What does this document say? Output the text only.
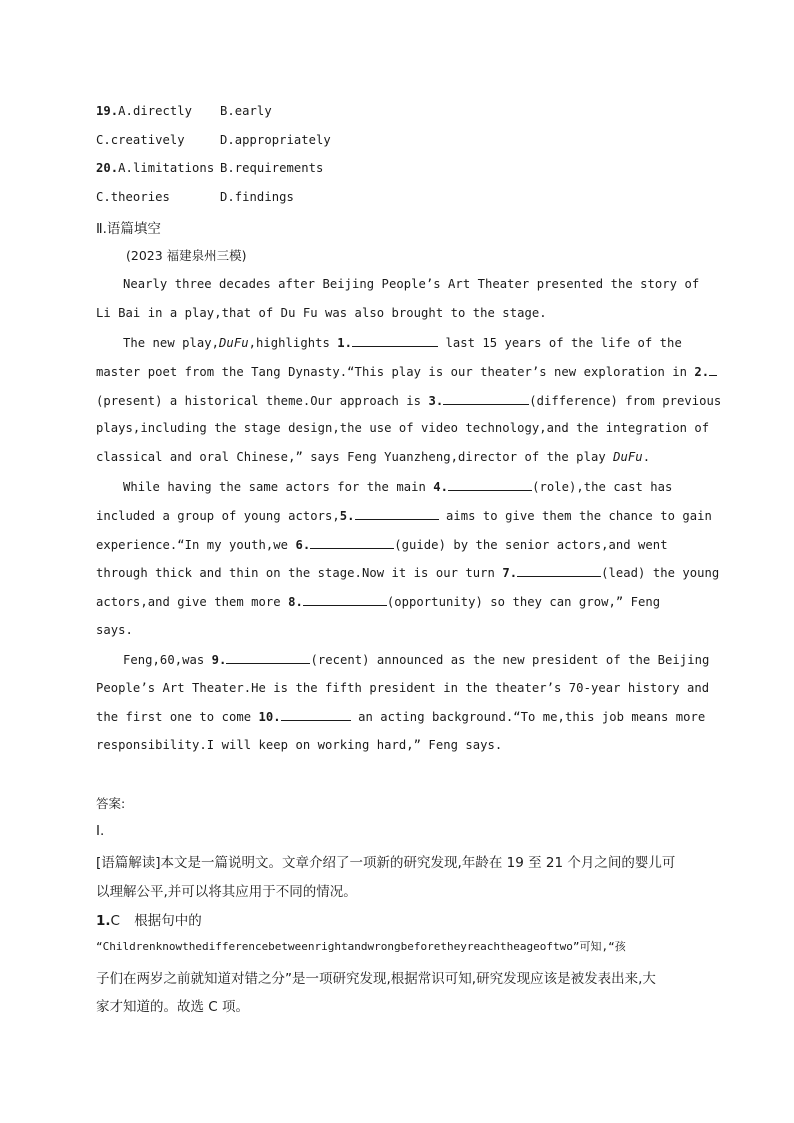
19.A.directly B.early
C.creatively	D.appropriately
20.A.limitations B.requirements
C.theories	D.findings
Ⅱ.语篇填空
(2023 福建泉州三模)
Nearly three decades after Beijing People’s Art Theater presented the story of
Li Bai in a play,that of Du Fu was also brought to the stage.
The new play,DuFu,highlights 1.	last 15 years of the life of the
master poet from the Tang Dynasty.“This play is our theater’s new exploration in 2.
(present) a historical theme.Our approach is 3.	(difference) from previous
plays,including the stage design,the use of video technology,and the integration of
classical and oral Chinese,” says Feng Yuanzheng,director of the play DuFu.
While having the same actors for the main 4.	(role),the cast has
included a group of young actors,5.	aims to give them the chance to gain
experience.“In my youth,we 6.	(guide) by the senior actors,and went
through thick and thin on the stage.Now it is our turn 7.	(lead) the young
actors,and give them more 8.	(opportunity) so they can grow,” Feng
says.
Feng,60,was 9.	(recent) announced as the new president of the Beijing
People’s Art Theater.He is the fifth president in the theater’s 70-year history and
the first one to come 10.	an acting background.“To me,this job means more
responsibility.I will keep on working hard,” Feng says.
答案:
Ⅰ.
[语篇解读]本文是一篇说明文。文章介绍了一项新的研究发现,年龄在 19 至 21 个月之间的婴儿可
以理解公平,并可以将其应用于不同的情况。
1.C 根据句中的
“Childrenknowthedifferencebetweenrightandwrongbeforetheyreachtheageoftwo”可知,“孩
子们在两岁之前就知道对错之分”是一项研究发现,根据常识可知,研究发现应该是被发表出来,大
家才知道的。故选 C 项。
